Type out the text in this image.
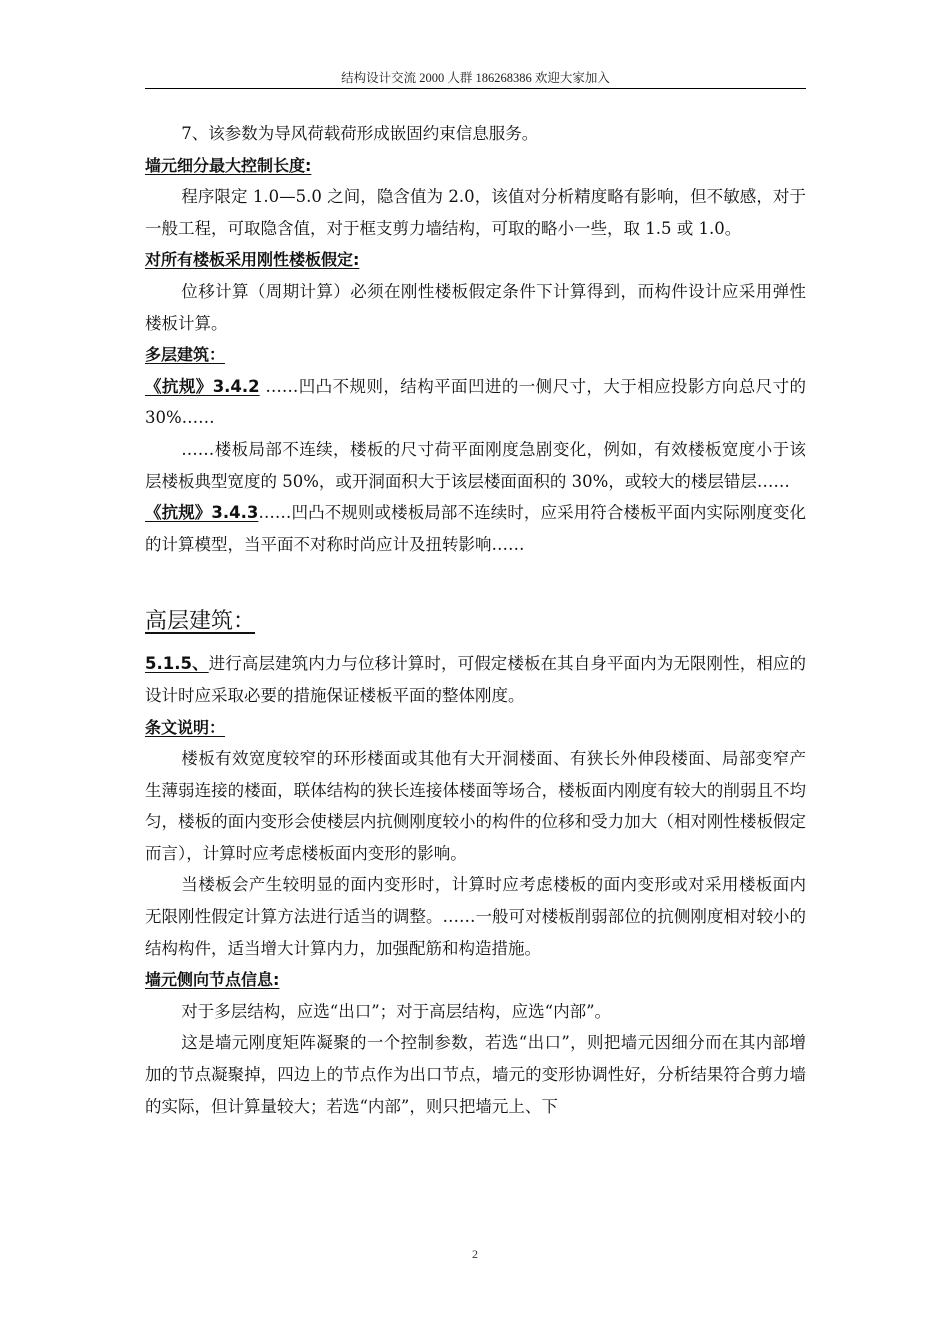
结构设计交流 2000 人群 186268386 欢迎大家加入

7、该参数为导风荷载荷形成嵌固约束信息服务。

墙元细分最大控制长度:

程序限定 1.0—5.0 之间，隐含值为 2.0，该值对分析精度略有影响，但不敏感，对于一般工程，可取隐含值，对于框支剪力墙结构，可取的略小一些，取 1.5 或 1.0。

对所有楼板采用刚性楼板假定:

位移计算（周期计算）必须在刚性楼板假定条件下计算得到，而构件设计应采用弹性楼板计算。

多层建筑：

《抗规》3.4.2 ……凹凸不规则，结构平面凹进的一侧尺寸，大于相应投影方向总尺寸的 30%……

……楼板局部不连续，楼板的尺寸荷平面刚度急剧变化，例如，有效楼板宽度小于该层楼板典型宽度的 50%，或开洞面积大于该层楼面面积的 30%，或较大的楼层错层……

《抗规》3.4.3……凹凸不规则或楼板局部不连续时，应采用符合楼板平面内实际刚度变化的计算模型，当平面不对称时尚应计及扭转影响……

高层建筑：

5.1.5、进行高层建筑内力与位移计算时，可假定楼板在其自身平面内为无限刚性，相应的设计时应采取必要的措施保证楼板平面的整体刚度。

条文说明：

楼板有效宽度较窄的环形楼面或其他有大开洞楼面、有狭长外伸段楼面、局部变窄产生薄弱连接的楼面，联体结构的狭长连接体楼面等场合，楼板面内刚度有较大的削弱且不均匀，楼板的面内变形会使楼层内抗侧刚度较小的构件的位移和受力加大（相对刚性楼板假定而言），计算时应考虑楼板面内变形的影响。

当楼板会产生较明显的面内变形时，计算时应考虑楼板的面内变形或对采用楼板面内无限刚性假定计算方法进行适当的调整。……一般可对楼板削弱部位的抗侧刚度相对较小的结构构件，适当增大计算内力，加强配筋和构造措施。

墙元侧向节点信息:

对于多层结构，应选“出口”；对于高层结构，应选“内部”。

这是墙元刚度矩阵凝聚的一个控制参数，若选“出口”，则把墙元因细分而在其内部增加的节点凝聚掉，四边上的节点作为出口节点，墙元的变形协调性好，分析结果符合剪力墙的实际，但计算量较大；若选“内部”，则只把墙元上、下

2
